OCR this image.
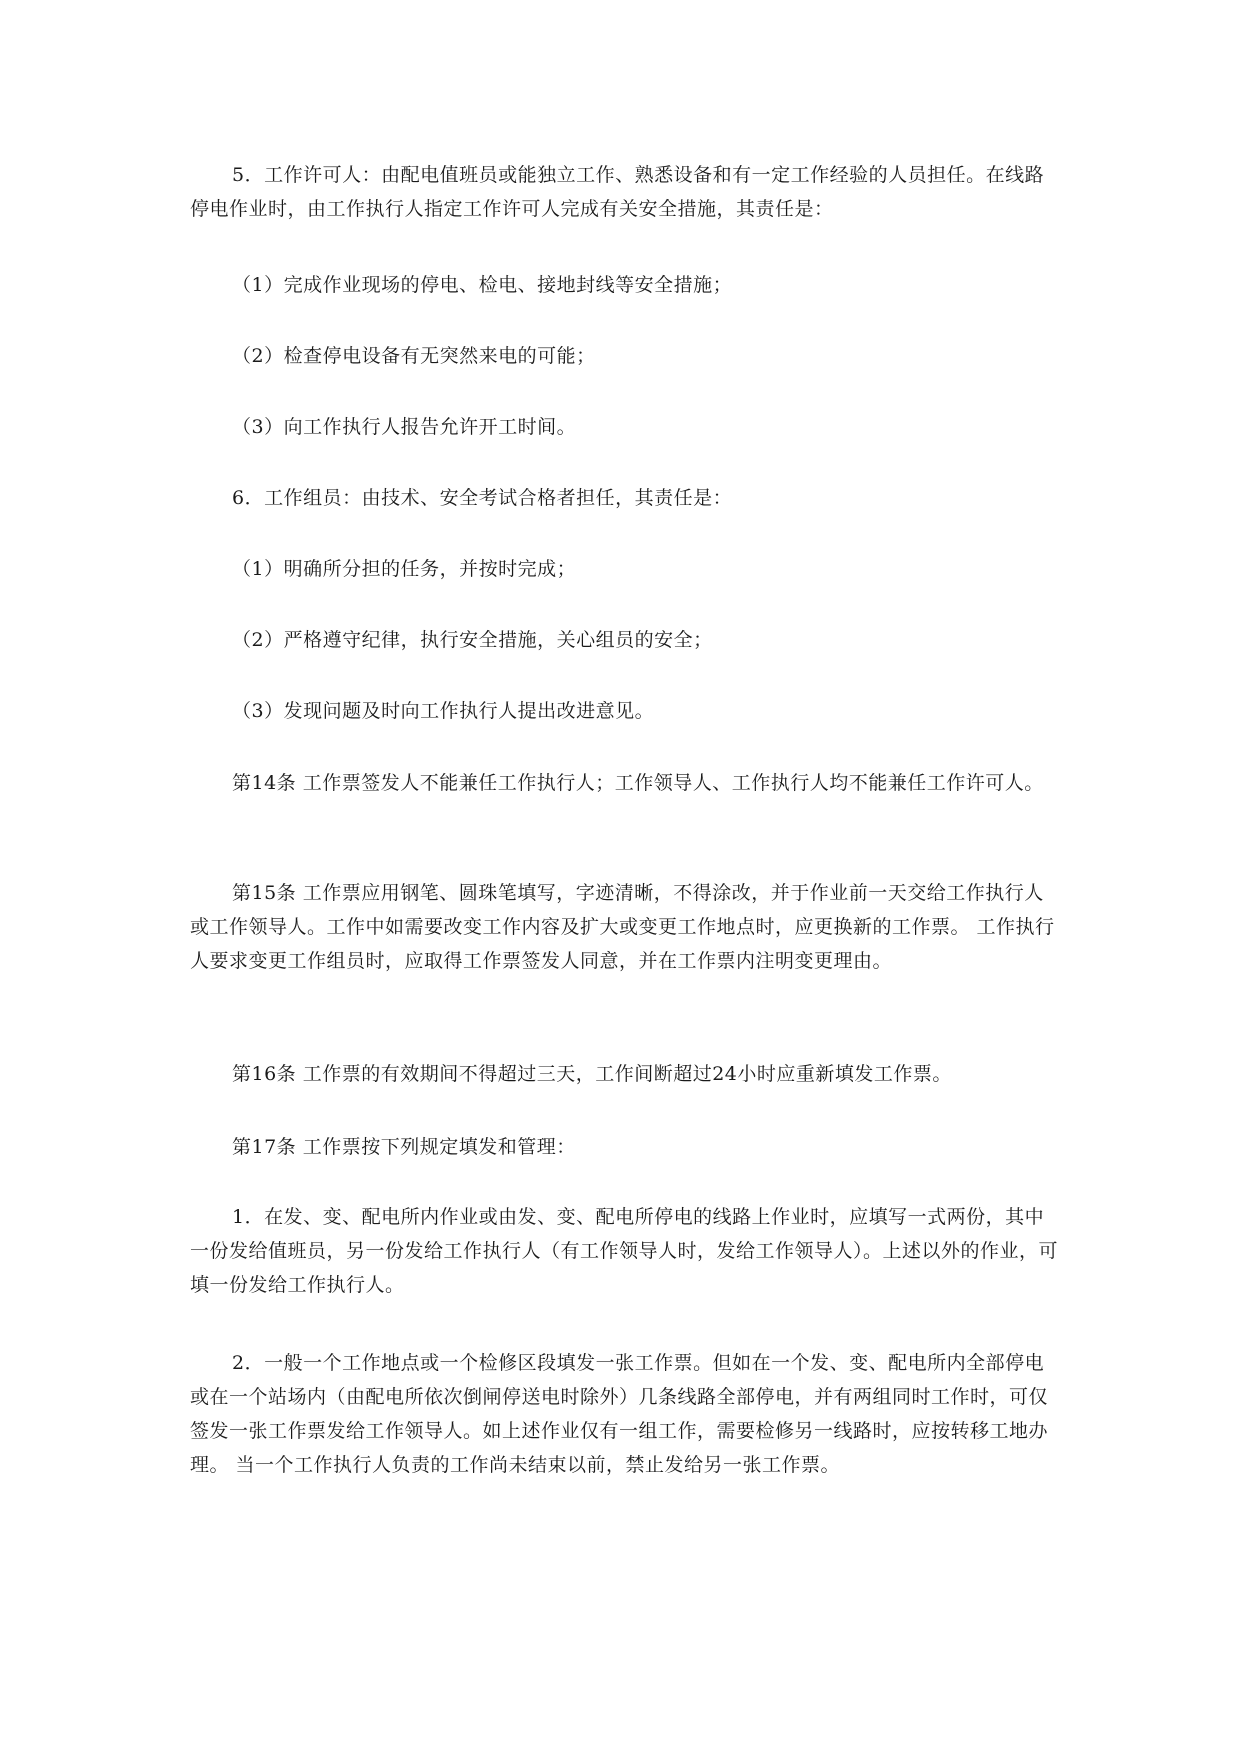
5．工作许可人：由配电值班员或能独立工作、熟悉设备和有一定工作经验的人员担任。在线路停电作业时，由工作执行人指定工作许可人完成有关安全措施，其责任是：

（1）完成作业现场的停电、检电、接地封线等安全措施；

（2）检查停电设备有无突然来电的可能；

（3）向工作执行人报告允许开工时间。

6．工作组员：由技术、安全考试合格者担任，其责任是：

（1）明确所分担的任务，并按时完成；

（2）严格遵守纪律，执行安全措施，关心组员的安全；

（3）发现问题及时向工作执行人提出改进意见。

第14条 工作票签发人不能兼任工作执行人；工作领导人、工作执行人均不能兼任工作许可人。

第15条 工作票应用钢笔、圆珠笔填写，字迹清晰，不得涂改，并于作业前一天交给工作执行人或工作领导人。工作中如需要改变工作内容及扩大或变更工作地点时，应更换新的工作票。 工作执行人要求变更工作组员时，应取得工作票签发人同意，并在工作票内注明变更理由。

第16条 工作票的有效期间不得超过三天，工作间断超过24小时应重新填发工作票。

第17条 工作票按下列规定填发和管理：

1．在发、变、配电所内作业或由发、变、配电所停电的线路上作业时，应填写一式两份，其中一份发给值班员，另一份发给工作执行人（有工作领导人时，发给工作领导人）。上述以外的作业，可填一份发给工作执行人。

2．一般一个工作地点或一个检修区段填发一张工作票。但如在一个发、变、配电所内全部停电或在一个站场内（由配电所依次倒闸停送电时除外）几条线路全部停电，并有两组同时工作时，可仅签发一张工作票发给工作领导人。如上述作业仅有一组工作，需要检修另一线路时，应按转移工地办理。 当一个工作执行人负责的工作尚未结束以前，禁止发给另一张工作票。
